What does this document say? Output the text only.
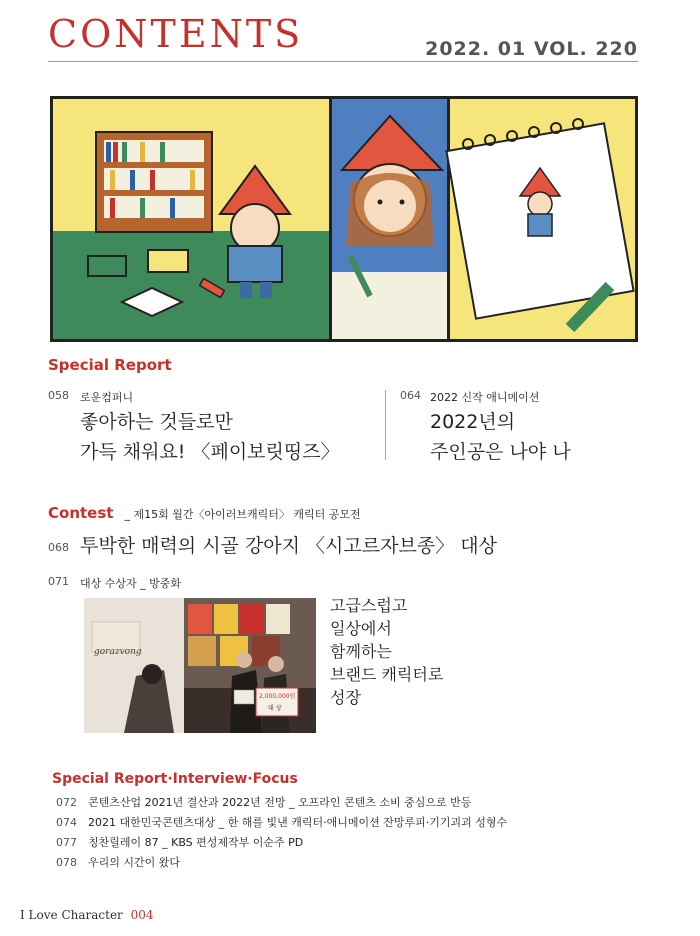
CONTENTS	2022. 01 VOL. 220
Special Report
058 로운컴퍼니
좋아하는 것들로만
가득 채워요! 〈페이보릿띵즈〉
064 2022 신작 애니메이션
2022년의
주인공은 나야 나
Contest _ 제15회 월간〈아이러브캐릭터〉 캐릭터 공모전
068 투박한 매력의 시골 강아지 〈시고르자브종〉 대상
071 대상 수상자 _ 방중화
gorazvong
2,000,000원
대 상
고급스럽고
일상에서
함께하는
브랜드 캐릭터로
성장
Special Report·Interview·Focus
072 콘텐츠산업 2021년 결산과 2022년 전망 _ 오프라인 콘텐츠 소비 중심으로 반등
074 2021 대한민국콘텐츠대상 _ 한 해를 빛낸 캐릭터·애니메이션 잔망루피·기기괴괴 성형수
077 칭찬릴레이 87 _ KBS 편성제작부 이순주 PD
078 우리의 시간이 왔다
I Love Character 004
